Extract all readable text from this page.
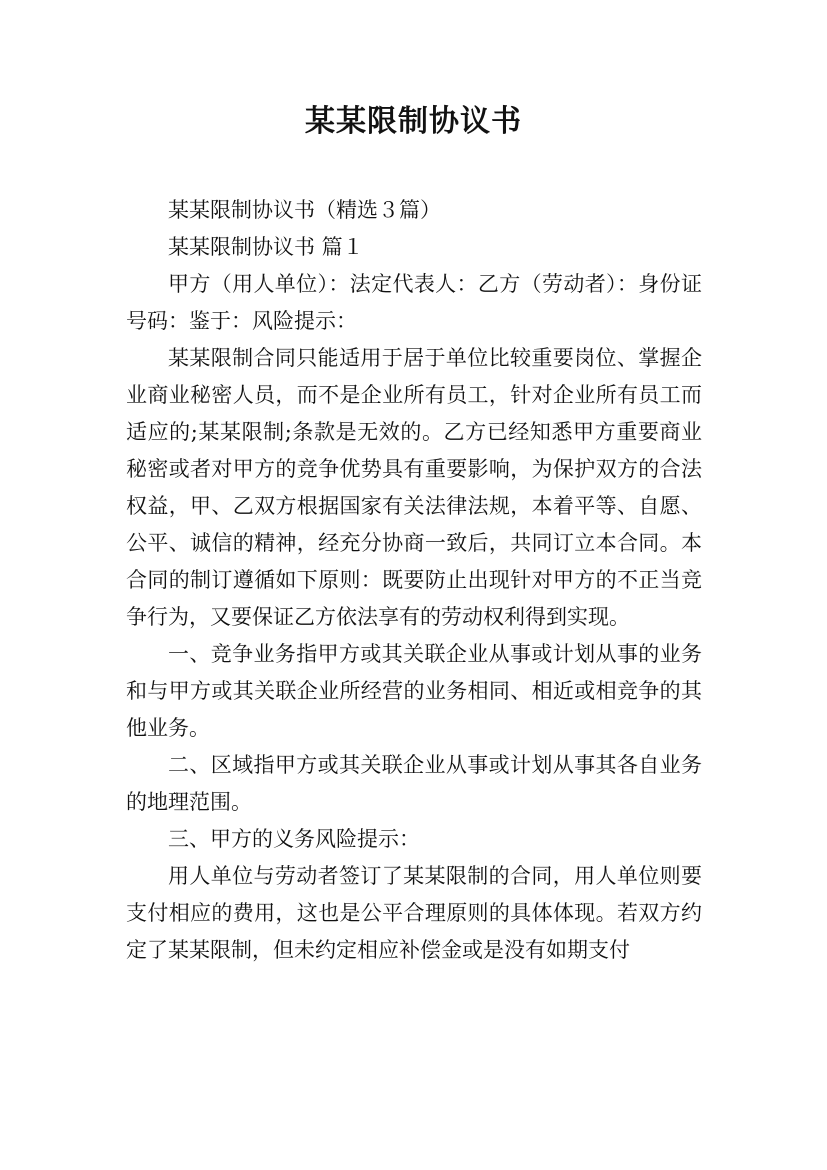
某某限制协议书

某某限制协议书（精选３篇）

某某限制协议书 篇１

甲方（用人单位）：法定代表人：乙方（劳动者）：身份证号码：鉴于：风险提示：

某某限制合同只能适用于居于单位比较重要岗位、掌握企业商业秘密人员，而不是企业所有员工，针对企业所有员工而适应的;某某限制;条款是无效的。乙方已经知悉甲方重要商业秘密或者对甲方的竞争优势具有重要影响，为保护双方的合法权益，甲、乙双方根据国家有关法律法规，本着平等、自愿、公平、诚信的精神，经充分协商一致后，共同订立本合同。本合同的制订遵循如下原则：既要防止出现针对甲方的不正当竞争行为，又要保证乙方依法享有的劳动权利得到实现。

一、竞争业务指甲方或其关联企业从事或计划从事的业务和与甲方或其关联企业所经营的业务相同、相近或相竞争的其他业务。

二、区域指甲方或其关联企业从事或计划从事其各自业务的地理范围。

三、甲方的义务风险提示：

用人单位与劳动者签订了某某限制的合同，用人单位则要支付相应的费用，这也是公平合理原则的具体体现。若双方约定了某某限制，但未约定相应补偿金或是没有如期支付
